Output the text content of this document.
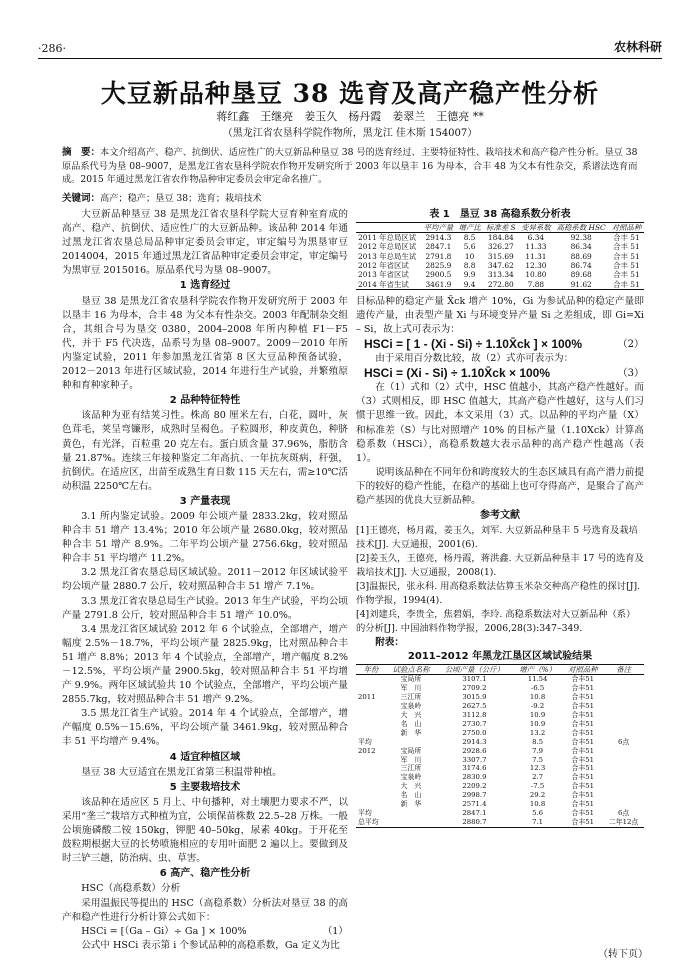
·286·	农林科研
大豆新品种垦豆 38 选育及高产稳产性分析
蒋红鑫　王继亮　姜玉久　杨丹霞　姜翠兰　王德亮 **
（黑龙江省农垦科学院作物所，黑龙江 佳木斯 154007）
摘　要：本文介绍高产、稳产、抗倒伏、适应性广的大豆新品种垦豆 38 号的选育经过、主要特征特性、栽培技术和高产稳产性分析。垦豆 38 原品系代号为垦 08–9007，是黑龙江省农垦科学院农作物开发研究所于 2003 年以垦丰 16 为母本，合丰 48 为父本有性杂交，系谱法选育而成。2015 年通过黑龙江省农作物品种审定委员会审定命名推广。
关键词：高产；稳产；垦豆 38；选育；栽培技术

大豆新品种垦豆 38 是黑龙江省农垦科学院大豆育种室育成的高产、稳产、抗倒伏、适应性广的大豆新品种。该品种 2014 年通过黑龙江省农垦总局品种审定委员会审定，审定编号为黑垦审豆2014004，2015 年通过黑龙江省品种审定委员会审定，审定编号为黑审豆 2015016。原品系代号为垦 08–9007。

1 选育经过

垦豆 38 是黑龙江省农垦科学院农作物开发研究所于 2003 年以垦丰 16 为母本，合丰 48 为父本有性杂交。2003 年配制杂交组合，其组合号为垦交 0380，2004–2008 年所内种植 F1－F5 代，并于 F5 代决选，品系号为垦 08–9007。2009－2010 年所内鉴定试验，2011 年参加黑龙江省第 8 区大豆品种预备试验，2012－2013 年进行区域试验，2014 年进行生产试验，并繁殖原种和育种家种子。

2 品种特征特性

该品种为亚有结荚习性。株高 80 厘米左右，白花，圆叶，灰色茸毛，荚呈弯镰形，成熟时呈褐色。子粒圆形，种皮黄色，种脐黄色，有光泽，百粒重 20 克左右。蛋白质含量 37.96%，脂肪含量 21.87%。连续三年接种鉴定二年高抗、一年抗灰斑病，秆强，抗倒伏。在适应区，出苗至成熟生育日数 115 天左右，需≥10℃活动积温 2250℃左右。

3 产量表现

3.1 所内鉴定试验。2009 年公顷产量 2833.2kg，较对照品种合丰 51 增产 13.4%；2010 年公顷产量 2680.0kg，较对照品种合丰 51 增产 8.9%。二年平均公顷产量 2756.6kg，较对照品种合丰 51 平均增产 11.2%。

3.2 黑龙江省农垦总局区域试验。2011－2012 年区域试验平均公顷产量 2880.7 公斤，较对照品种合丰 51 增产 7.1%。

3.3 黑龙江省农垦总局生产试验。2013 年生产试验，平均公顷产量 2791.8 公斤，较对照品种合丰 51 增产 10.0%。

3.4 黑龙江省区域试验 2012 年 6 个试验点，全部增产，增产幅度 2.5%－18.7%，平均公顷产量 2825.9kg，比对照品种合丰 51 增产 8.8%；2013 年 4 个试验点，全部增产，增产幅度 8.2%－12.5%，平均公顷产量 2900.5kg，较对照品种合丰 51 平均增产 9.9%。两年区域试验共 10 个试验点，全部增产，平均公顷产量 2855.7kg，较对照品种合丰 51 增产 9.2%。

3.5 黑龙江省生产试验。2014 年 4 个试验点，全部增产，增产幅度 0.5%－15.6%，平均公顷产量 3461.9kg，较对照品种合丰 51 平均增产 9.4%。

4 适宜种植区域

垦豆 38 大豆适宜在黑龙江省第三积温带种植。

5 主要栽培技术

该品种在适应区 5 月上、中旬播种，对土壤肥力要求不严，以采用“垄三”栽培方式种植为宜，公顷保苗株数 22.5–28 万株。一般公顷施磷酸二铵 150kg，钾肥 40–50kg，尿素 40kg。于开花至鼓粒期根据大豆的长势喷施相应的专用叶面肥 2 遍以上。要做到及时三铲三趟，防治病、虫、草害。

6 高产、稳产性分析

HSC（高稳系数）分析

采用温振民等提出的 HSC（高稳系数）分析法对垦豆 38 的高产和稳产性进行分析计算公式如下：

HSCi = [（Ga – Gi）÷ Ga ] × 100%	（1）

公式中 HSCi 表示第 i 个参试品种的高稳系数，Ga 定义为比

表 1　垦豆 38 高稳系数分析表
	平均产量	增产比	标准差 S	变异系数	高稳系数 HSC	对照品种
2011 年总局区试	2914.3	8.5	184.84	6.34	92.38	合丰 51
2012 年总局区试	2847.1	5.6	326.27	11.33	86.34	合丰 51
2013 年总局生试	2791.8	10	315.69	11.31	88.69	合丰 51
2012 年省区试	2825.9	8.8	347.62	12.30	86.74	合丰 51
2013 年省区试	2900.5	9.9	313.34	10.80	89.68	合丰 51
2014 年省生试	3461.9	9.4	272.80	7.88	91.62	合丰 51

目标品种的稳定产量 X̄ck 增产 10%，Gi 为参试品种的稳定产量即遗传产量，由表型产量 Xi 与环境变异产量 Si 之差组成，即 Gi=Xi – Si，故上式可表示为：

HSCi = [ 1 - (Xi - Si) ÷ 1.10X̄ck ] × 100%	（2）

由于采用百分数比较，故（2）式亦可表示为：

HSCi = (Xi - Si) ÷ 1.10X̄ck × 100%	（3）

在（1）式和（2）式中，HSC 值越小，其高产稳产性越好。而（3）式则相反，即 HSC 值越大，其高产稳产性越好，这与人们习惯于思维一致。因此，本文采用（3）式。以品种的平均产量（X）和标准差（S）与比对照增产 10% 的目标产量（1.10Xck）计算高稳系数（HSCi），高稳系数越大表示品种的高产稳产性越高（表 1）。

说明该品种在不同年份和跨度较大的生态区域具有高产潜力前提下的较好的稳产性能，在稳产的基础上也可夺得高产，是聚合了高产稳产基因的优良大豆新品种。

参考文献

[1]王德亮，杨月霞，姜玉久，刘军. 大豆新品种垦丰 5 号选育及栽培技术[J]. 大豆通报，2001(6).

[2]姜玉久，王德亮，杨丹霞，蒋洪鑫. 大豆新品种垦丰 17 号的选育及栽培技术[J]. 大豆通报，2008(1).

[3]温振民，张永科. 用高稳系数法估算玉米杂交种高产稳性的探讨[J]. 作物学报，1994(4).

[4]刘建兵，李贵全，焦碧娟，李玲. 高稳系数法对大豆新品种（系）的分析[J]. 中国油料作物学报，2006,28(3):347–349.

附表：
2011–2012 年黑龙江垦区区域试验结果
年份	试验点名称	公顷产量（公斤）	增产（%）	对照品种	备注
	宝局所	3107.1	11.54	合丰51	
	军　川	2709.2	-6.5	合丰51	
2011	三江所	3015.9	10.8	合丰51	
	宝泉岭	2627.5	-9.2	合丰51	
	大　兴	3112.8	10.9	合丰51	
	名　山	2730.7	10.9	合丰51	
	新　华	2750.0	13.2	合丰51	
平均		2914.3	8.5	合丰51	6点
2012	宝局所	2928.6	7.9	合丰51	
	军　川	3307.7	7.5	合丰51	
	三江所	3174.6	12.3	合丰51	
	宝泉岭	2830.9	2.7	合丰51	
	大　兴	2209.2	-7.5	合丰51	
	名　山	2998.7	29.2	合丰51	
	新　华	2571.4	10.8	合丰51	
平均		2847.1	5.6	合丰51	6点
总平均		2880.7	7.1	合丰51	二年12点
（转下页）
